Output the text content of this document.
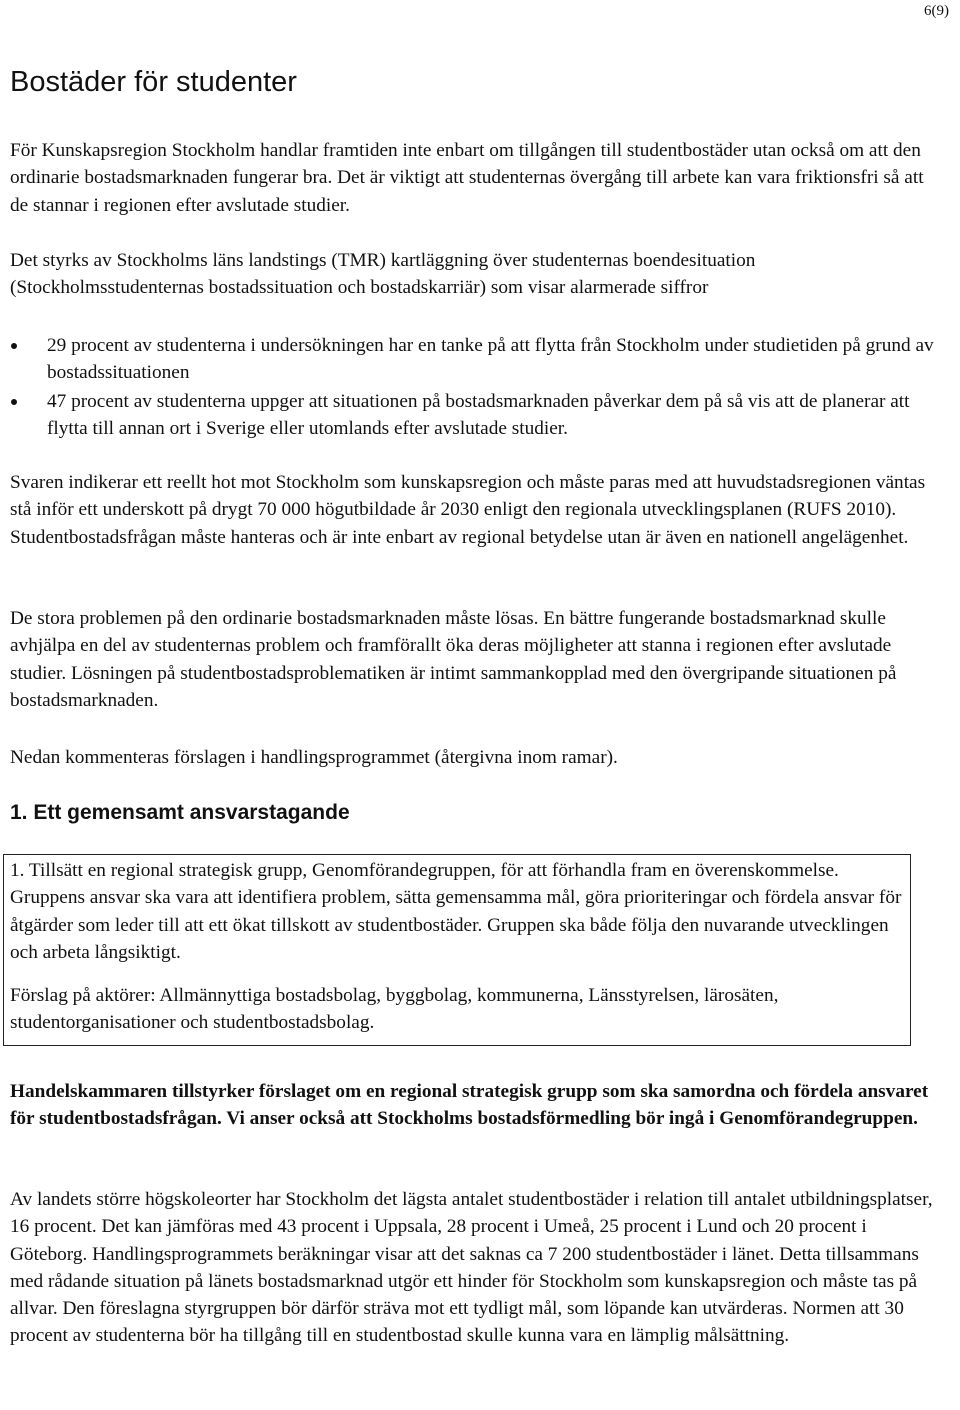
6(9)
Bostäder för studenter

För Kunskapsregion Stockholm handlar framtiden inte enbart om tillgången till studentbostäder utan också om att den ordinarie bostadsmarknaden fungerar bra. Det är viktigt att studenternas övergång till arbete kan vara friktionsfri så att de stannar i regionen efter avslutade studier.

Det styrks av Stockholms läns landstings (TMR) kartläggning över studenternas boendesituation (Stockholmsstudenternas bostadssituation och bostadskarriär) som visar alarmerade siffror

29 procent av studenterna i undersökningen har en tanke på att flytta från Stockholm under studietiden på grund av bostadssituationen
47 procent av studenterna uppger att situationen på bostadsmarknaden påverkar dem på så vis att de planerar att flytta till annan ort i Sverige eller utomlands efter avslutade studier.

Svaren indikerar ett reellt hot mot Stockholm som kunskapsregion och måste paras med att huvudstadsregionen väntas stå inför ett underskott på drygt 70 000 högutbildade år 2030 enligt den regionala utvecklingsplanen (RUFS 2010). Studentbostadsfrågan måste hanteras och är inte enbart av regional betydelse utan är även en nationell angelägenhet.

De stora problemen på den ordinarie bostadsmarknaden måste lösas. En bättre fungerande bostadsmarknad skulle avhjälpa en del av studenternas problem och framförallt öka deras möjligheter att stanna i regionen efter avslutade studier. Lösningen på studentbostadsproblematiken är intimt sammankopplad med den övergripande situationen på bostadsmarknaden.

Nedan kommenteras förslagen i handlingsprogrammet (återgivna inom ramar).

1. Ett gemensamt ansvarstagande

1. Tillsätt en regional strategisk grupp, Genomförandegruppen, för att förhandla fram en överenskommelse. Gruppens ansvar ska vara att identifiera problem, sätta gemensamma mål, göra prioriteringar och fördela ansvar för åtgärder som leder till att ett ökat tillskott av studentbostäder. Gruppen ska både följa den nuvarande utvecklingen och arbeta långsiktigt.

Förslag på aktörer: Allmännyttiga bostadsbolag, byggbolag, kommunerna, Länsstyrelsen, lärosäten, studentorganisationer och studentbostadsbolag.

Handelskammaren tillstyrker förslaget om en regional strategisk grupp som ska samordna och fördela ansvaret för studentbostadsfrågan. Vi anser också att Stockholms bostadsförmedling bör ingå i Genomförandegruppen.

Av landets större högskoleorter har Stockholm det lägsta antalet studentbostäder i relation till antalet utbildningsplatser, 16 procent. Det kan jämföras med 43 procent i Uppsala, 28 procent i Umeå, 25 procent i Lund och 20 procent i Göteborg. Handlingsprogrammets beräkningar visar att det saknas ca 7 200 studentbostäder i länet. Detta tillsammans med rådande situation på länets bostadsmarknad utgör ett hinder för Stockholm som kunskapsregion och måste tas på allvar. Den föreslagna styrgruppen bör därför sträva mot ett tydligt mål, som löpande kan utvärderas. Normen att 30 procent av studenterna bör ha tillgång till en studentbostad skulle kunna vara en lämplig målsättning.
